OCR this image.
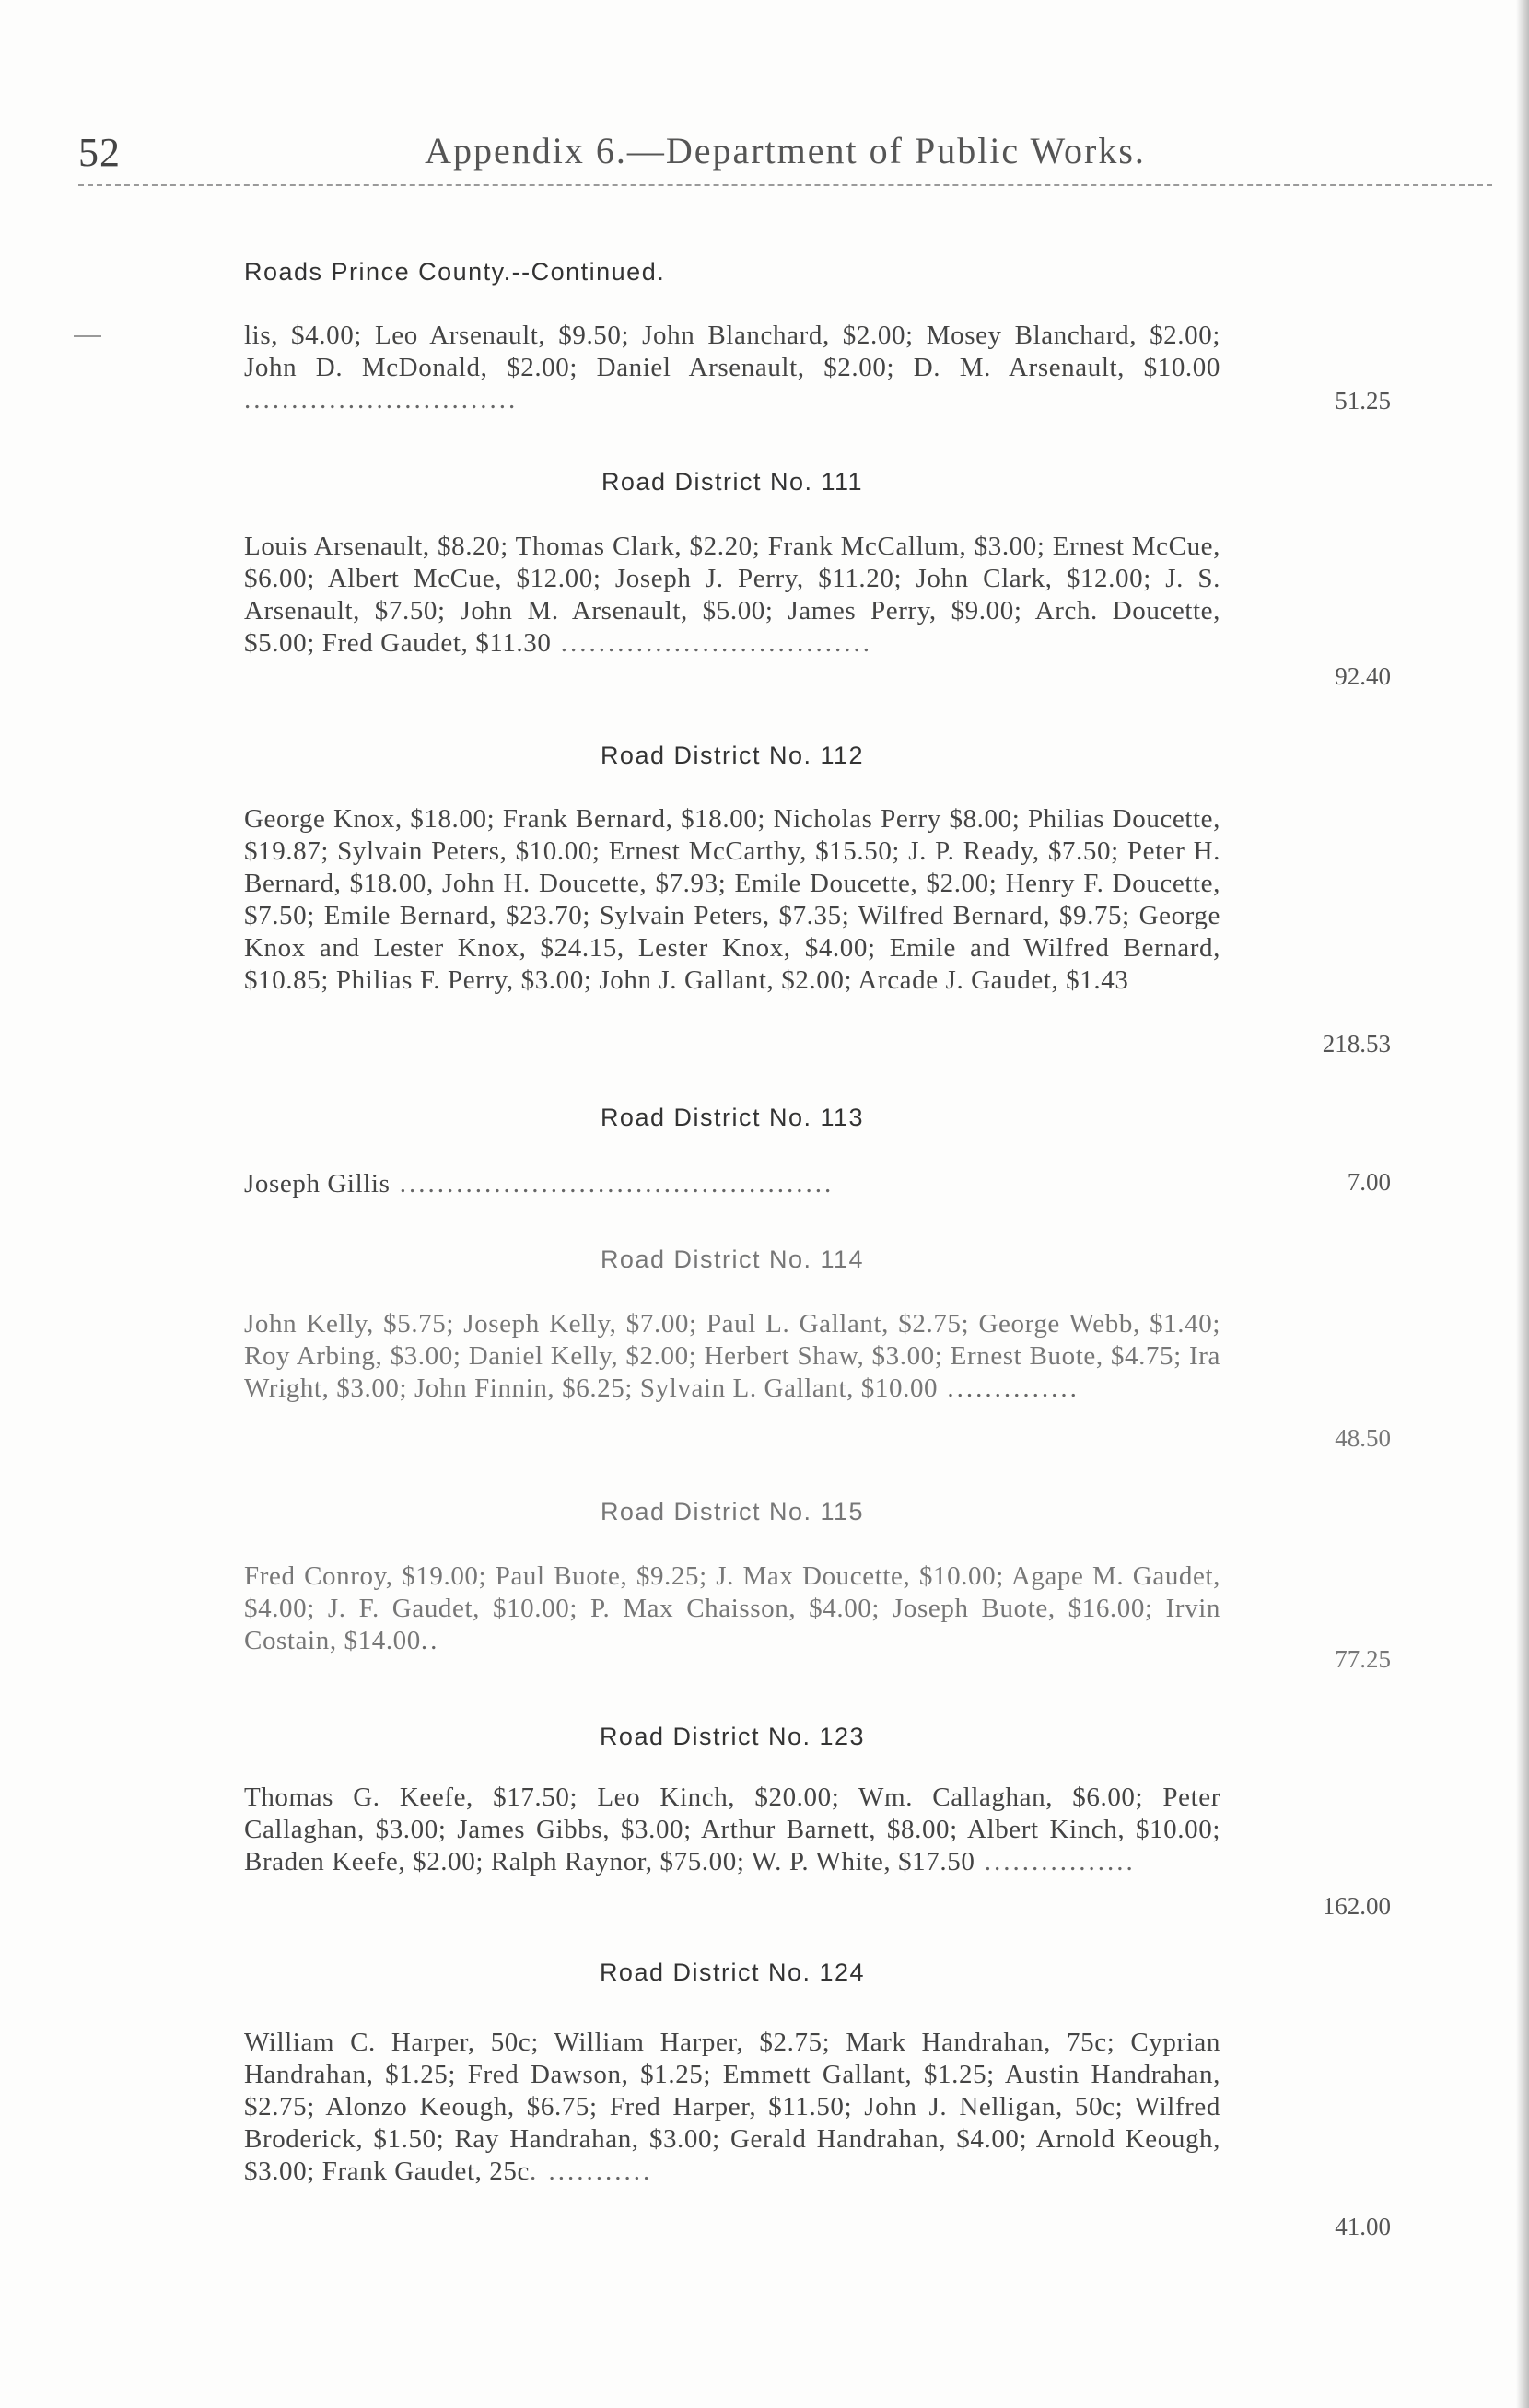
52	Appendix 6.—Department of Public Works.
Roads Prince County.--Continued.
lis, $4.00; Leo Arsenault, $9.50; John Blanchard, $2.00; Mosey Blanchard, $2.00; John D. McDonald, $2.00; Daniel Arsenault, $2.00; D. M. Arsenault, $10.00 .............................	51.25
Road District No. 111
Louis Arsenault, $8.20; Thomas Clark, $2.20; Frank McCallum, $3.00; Ernest McCue, $6.00; Albert McCue, $12.00; Joseph J. Perry, $11.20; John Clark, $12.00; J. S. Arsenault, $7.50; John M. Arsenault, $5.00; James Perry, $9.00; Arch. Doucette, $5.00; Fred Gaudet, $11.30 .................................
92.40
Road District No. 112
George Knox, $18.00; Frank Bernard, $18.00; Nicholas Perry $8.00; Philias Doucette, $19.87; Sylvain Peters, $10.00; Ernest McCarthy, $15.50; J. P. Ready, $7.50; Peter H. Bernard, $18.00, John H. Doucette, $7.93; Emile Doucette, $2.00; Henry F. Doucette, $7.50; Emile Bernard, $23.70; Sylvain Peters, $7.35; Wilfred Bernard, $9.75; George Knox and Lester Knox, $24.15, Lester Knox, $4.00; Emile and Wilfred Bernard, $10.85; Philias F. Perry, $3.00; John J. Gallant, $2.00; Arcade J. Gaudet, $1.43
218.53
Road District No. 113
Joseph Gillis ..............................................	7.00
Road District No. 114
John Kelly, $5.75; Joseph Kelly, $7.00; Paul L. Gallant, $2.75; George Webb, $1.40; Roy Arbing, $3.00; Daniel Kelly, $2.00; Herbert Shaw, $3.00; Ernest Buote, $4.75; Ira Wright, $3.00; John Finnin, $6.25; Sylvain L. Gallant, $10.00 ..............
48.50
Road District No. 115
Fred Conroy, $19.00; Paul Buote, $9.25; J. Max Doucette, $10.00; Agape M. Gaudet, $4.00; J. F. Gaudet, $10.00; P. Max Chaisson, $4.00; Joseph Buote, $16.00; Irvin Costain, $14.00..
77.25
Road District No. 123
Thomas G. Keefe, $17.50; Leo Kinch, $20.00; Wm. Callaghan, $6.00; Peter Callaghan, $3.00; James Gibbs, $3.00; Arthur Barnett, $8.00; Albert Kinch, $10.00; Braden Keefe, $2.00; Ralph Raynor, $75.00; W. P. White, $17.50 ................
162.00
Road District No. 124
William C. Harper, 50c; William Harper, $2.75; Mark Handrahan, 75c; Cyprian Handrahan, $1.25; Fred Dawson, $1.25; Emmett Gallant, $1.25; Austin Handrahan, $2.75; Alonzo Keough, $6.75; Fred Harper, $11.50; John J. Nelligan, 50c; Wilfred Broderick, $1.50; Ray Handrahan, $3.00; Gerald Handrahan, $4.00; Arnold Keough, $3.00; Frank Gaudet, 25c. ...........
41.00
